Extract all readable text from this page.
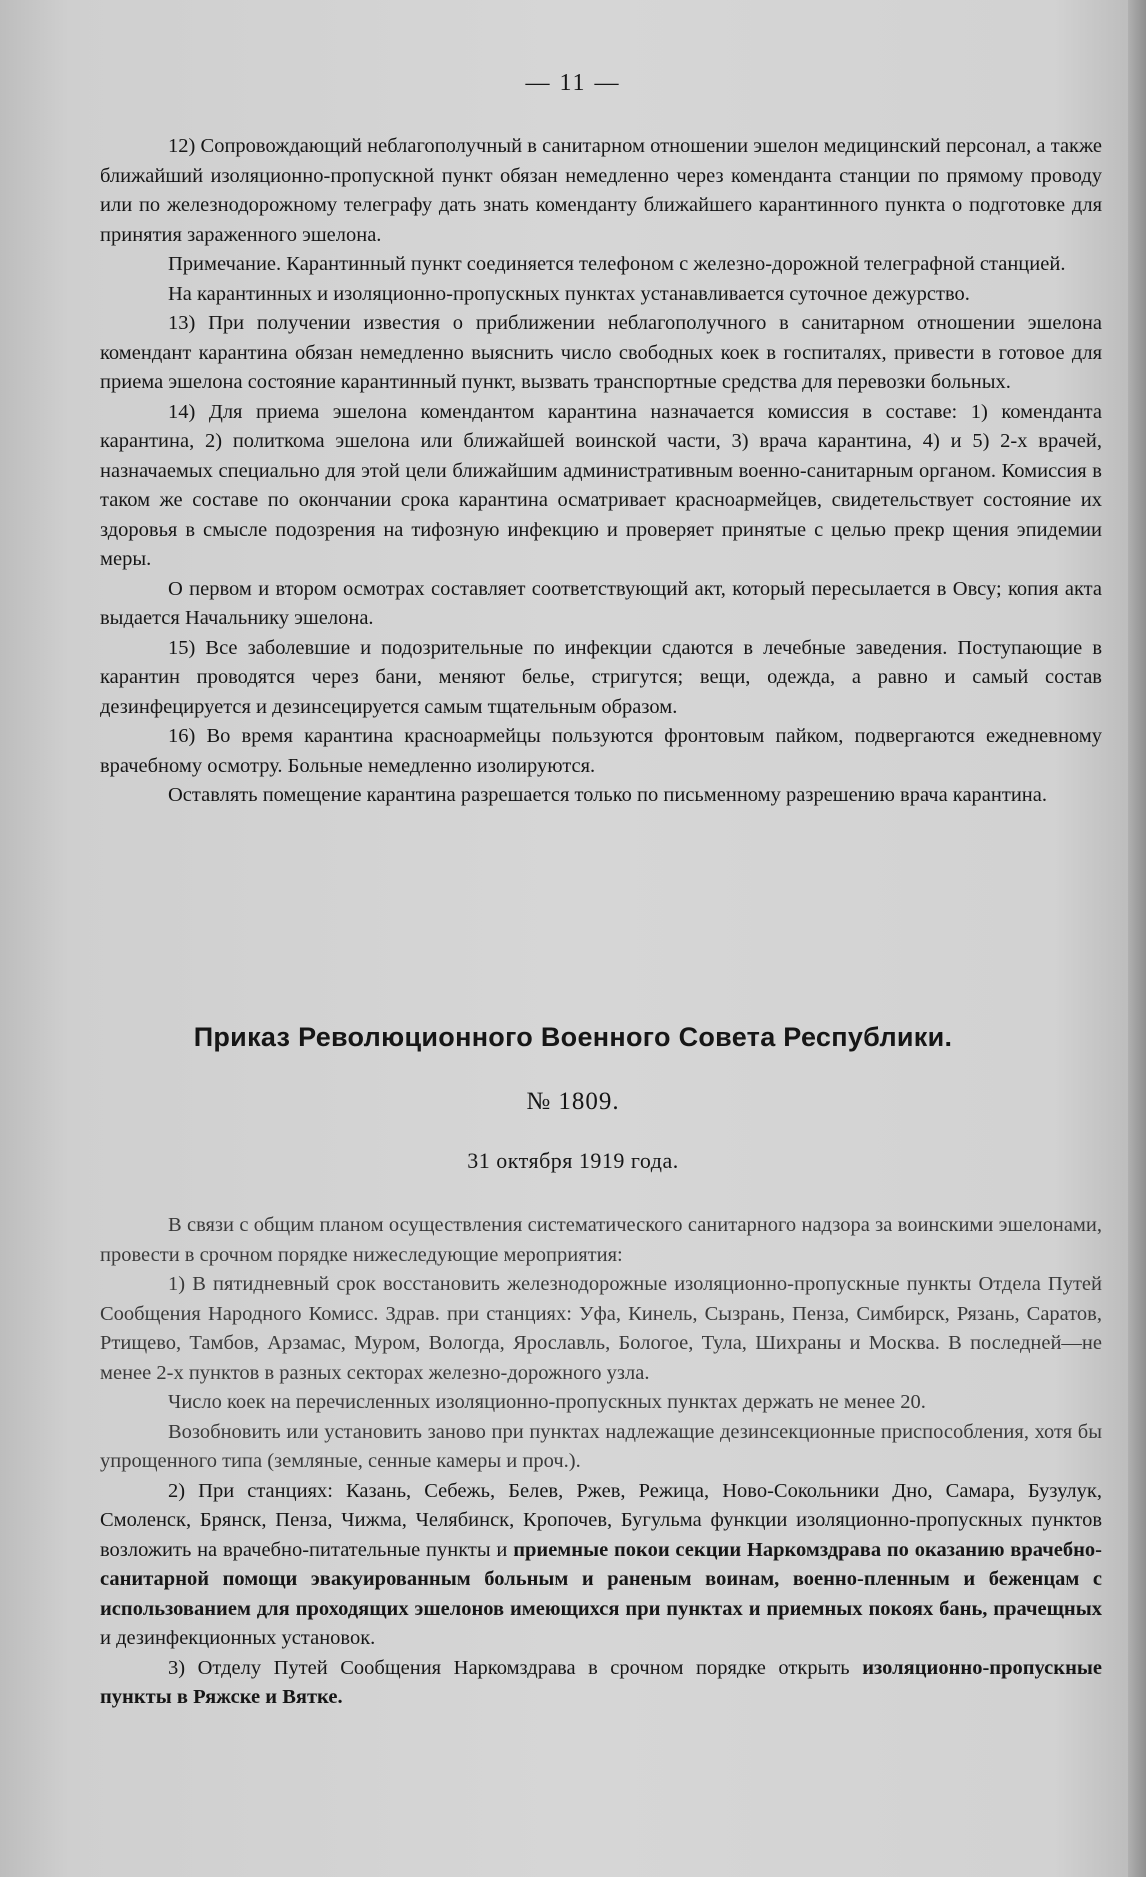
— 11 —

12) Сопровождающий неблагополучный в санитарном отношении эшелон медицинский персонал, а также ближайший изоляционно-пропускной пункт обязан немедленно через коменданта станции по прямому проводу или по железнодорожному телеграфу дать знать коменданту ближайшего карантинного пункта о подготовке для принятия зараженного эшелона.

Примечание. Карантинный пункт соединяется телефоном с железно-дорожной телеграфной станцией.

На карантинных и изоляционно-пропускных пунктах устанавливается суточное дежурство.

13) При получении известия о приближении неблагополучного в санитарном отношении эшелона комендант карантина обязан немедленно выяснить число свободных коек в госпиталях, привести в готовое для приема эшелона состояние карантинный пункт, вызвать транспортные средства для перевозки больных.

14) Для приема эшелона комендантом карантина назначается комиссия в составе: 1) коменданта карантина, 2) политкома эшелона или ближайшей воинской части, 3) врача карантина, 4) и 5) 2-х врачей, назначаемых специально для этой цели ближайшим административным военно-санитарным органом. Комиссия в таком же составе по окончании срока карантина осматривает красноармейцев, свидетельствует состояние их здоровья в смысле подозрения на тифозную инфекцию и проверяет принятые с целью прекр щения эпидемии меры.

О первом и втором осмотрах составляет соответствующий акт, который пересылается в Овсу; копия акта выдается Начальнику эшелона.

15) Все заболевшие и подозрительные по инфекции сдаются в лечебные заведения. Поступающие в карантин проводятся через бани, меняют белье, стригутся; вещи, одежда, а равно и самый состав дезинфецируется и дезинсецируется самым тщательным образом.

16) Во время карантина красноармейцы пользуются фронтовым пайком, подвергаются ежедневному врачебному осмотру. Больные немедленно изолируются.

Оставлять помещение карантина разрешается только по письменному разрешению врача карантина.

Приказ Революционного Военного Совета Республики.
№ 1809.
31 октября 1919 года.

В связи с общим планом осуществления систематического санитарного надзора за воинскими эшелонами, провести в срочном порядке нижеследующие мероприятия:

1) В пятидневный срок восстановить железнодорожные изоляционно-пропускные пункты Отдела Путей Сообщения Народного Комисс. Здрав. при станциях: Уфа, Кинель, Сызрань, Пенза, Симбирск, Рязань, Саратов, Ртищево, Тамбов, Арзамас, Муром, Вологда, Ярославль, Бологое, Тула, Шихраны и Москва. В последней—не менее 2-х пунктов в разных секторах железно-дорожного узла.

Число коек на перечисленных изоляционно-пропускных пунктах держать не менее 20.

Возобновить или установить заново при пунктах надлежащие дезинсекционные приспособления, хотя бы упрощенного типа (земляные, сенные камеры и проч.).

2) При станциях: Казань, Себежь, Белев, Ржев, Режица, Ново-Сокольники Дно, Самара, Бузулук, Смоленск, Брянск, Пенза, Чижма, Челябинск, Кропочев, Бугульма функции изоляционно-пропускных пунктов возложить на врачебно-питательные пункты и приемные покои секции Наркомздрава по оказанию врачебно-санитарной помощи эвакуированным больным и раненым воинам, военно-пленным и беженцам с использованием для проходящих эшелонов имеющихся при пунктах и приемных покоях бань, прачещных и дезинфекционных установок.

3) Отделу Путей Сообщения Наркомздрава в срочном порядке открыть изоляционно-пропускные пункты в Ряжске и Вятке.
